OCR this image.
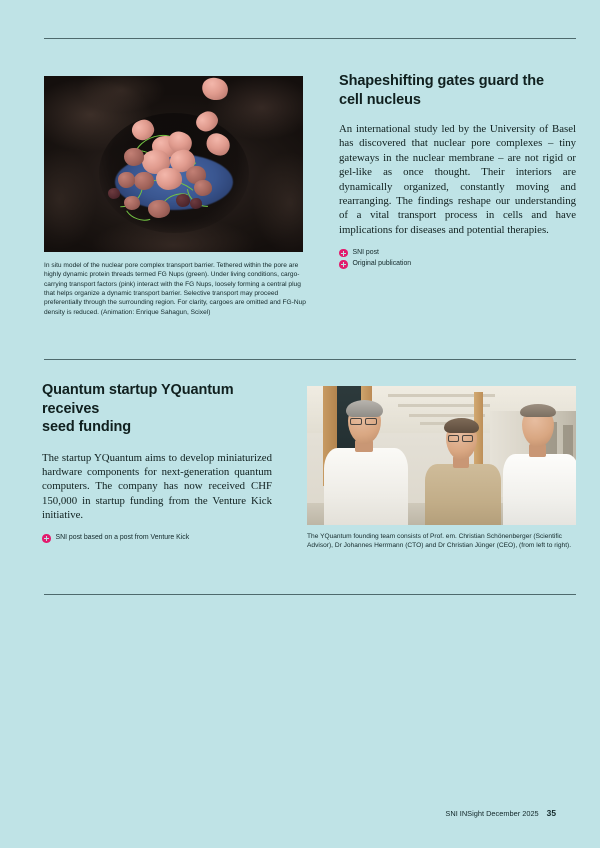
Shapeshifting gates guard the
cell nucleus

An international study led by the University of Basel has discovered that nuclear pore complexes – tiny gateways in the nuclear membrane – are not rigid or gel-like as once thought. Their interiors are dynamically organized, constantly moving and rearranging. The findings reshape our understanding of a vital transport process in cells and have implications for diseases and potential therapies.

SNI post
Original publication
In situ model of the nuclear pore complex transport barrier. Tethered within the pore are highly dynamic protein threads termed FG Nups (green). Under living conditions, cargo-carrying transport factors (pink) interact with the FG Nups, loosely forming a central plug that helps organize a dynamic transport barrier. Selective transport may proceed preferentially through the surrounding region. For clarity, cargoes are omitted and FG-Nup density is reduced. (Animation: Enrique Sahagun, Scixel)
Quantum startup YQuantum receives
seed funding

The startup YQuantum aims to develop miniaturized hardware components for next-generation quantum computers. The company has now received CHF 150,000 in startup funding from the Venture Kick initiative.

SNI post based on a post from Venture Kick	The YQuantum founding team consists of Prof. em. Christian Schönenberger (Scientific Advisor), Dr Johannes Herrmann (CTO) and Dr Christian Jünger (CEO), (from left to right).
SNI INSight December 2025 35
